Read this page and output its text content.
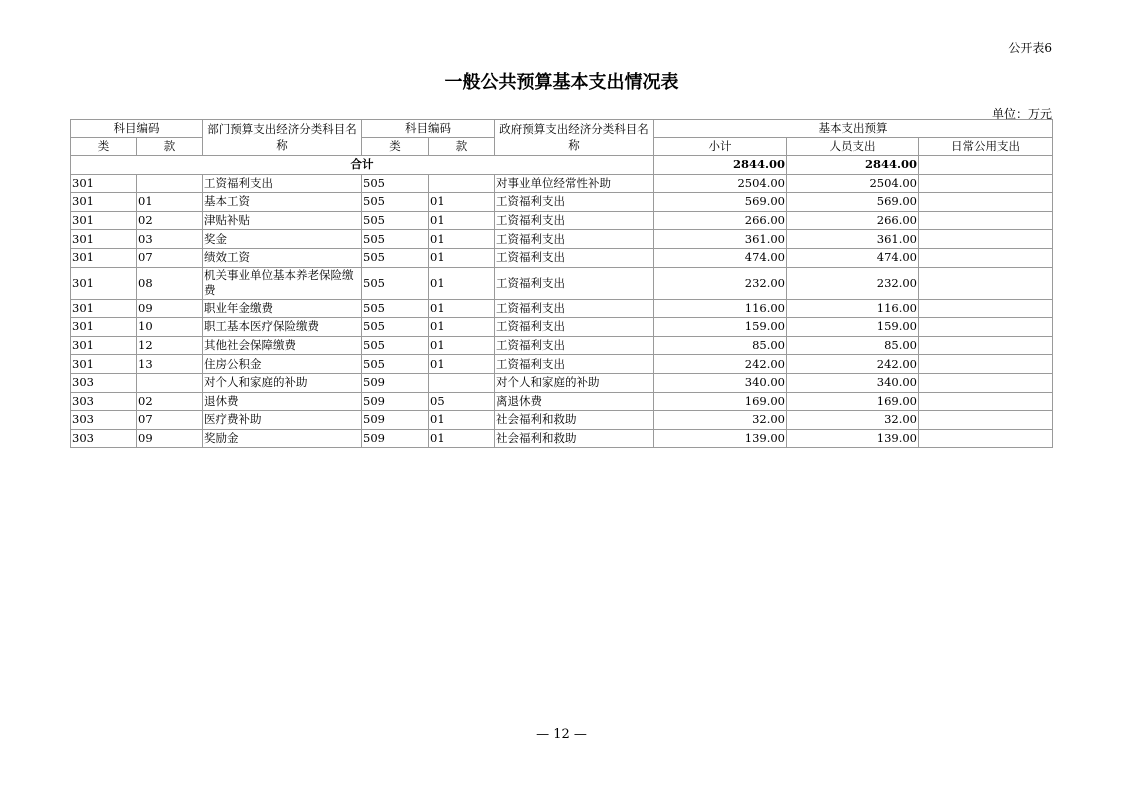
公开表6
一般公共预算基本支出情况表
单位：万元
科目编码		部门预算支出经济分类科目名称	科目编码		政府预算支出经济分类科目名称	基本支出预算		
类	款		类	款		小计	人员支出	日常公用支出
合计						2844.00	2844.00	
301		工资福利支出	505		对事业单位经常性补助	2504.00	2504.00	
301	01	基本工资	505	01	工资福利支出	569.00	569.00	
301	02	津贴补贴	505	01	工资福利支出	266.00	266.00	
301	03	奖金	505	01	工资福利支出	361.00	361.00	
301	07	绩效工资	505	01	工资福利支出	474.00	474.00	
301	08	机关事业单位基本养老保险缴费	505	01	工资福利支出	232.00	232.00	
301	09	职业年金缴费	505	01	工资福利支出	116.00	116.00	
301	10	职工基本医疗保险缴费	505	01	工资福利支出	159.00	159.00	
301	12	其他社会保障缴费	505	01	工资福利支出	85.00	85.00	
301	13	住房公积金	505	01	工资福利支出	242.00	242.00	
303		对个人和家庭的补助	509		对个人和家庭的补助	340.00	340.00	
303	02	退休费	509	05	离退休费	169.00	169.00	
303	07	医疗费补助	509	01	社会福利和救助	32.00	32.00	
303	09	奖励金	509	01	社会福利和救助	139.00	139.00	
— 12 —
